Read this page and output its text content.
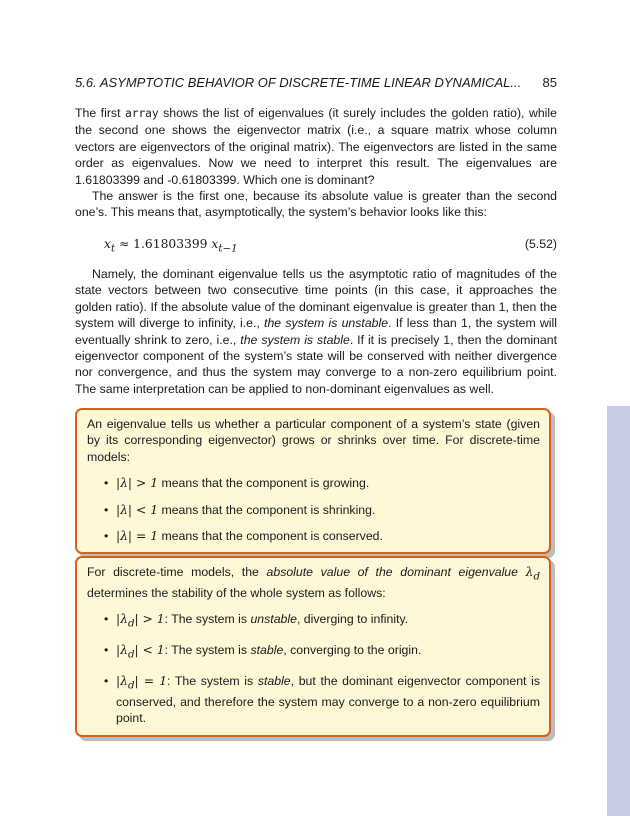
5.6. ASYMPTOTIC BEHAVIOR OF DISCRETE-TIME LINEAR DYNAMICAL... 85

The first array shows the list of eigenvalues (it surely includes the golden ratio), while the second one shows the eigenvector matrix (i.e., a square matrix whose column vectors are eigenvectors of the original matrix). The eigenvectors are listed in the same order as eigenvalues. Now we need to interpret this result. The eigenvalues are 1.61803399 and -0.61803399. Which one is dominant?

The answer is the first one, because its absolute value is greater than the second one’s. This means that, asymptotically, the system’s behavior looks like this:

$x_t \approx 1.61803399$ $x_{t-1}$	(5.52)

Namely, the dominant eigenvalue tells us the asymptotic ratio of magnitudes of the state vectors between two consecutive time points (in this case, it approaches the golden ratio). If the absolute value of the dominant eigenvalue is greater than 1, then the system will diverge to infinity, i.e., the system is unstable. If less than 1, the system will eventually shrink to zero, i.e., the system is stable. If it is precisely 1, then the dominant eigenvector component of the system’s state will be conserved with neither divergence nor convergence, and thus the system may converge to a non-zero equilibrium point. The same interpretation can be applied to non-dominant eigenvalues as well.

An eigenvalue tells us whether a particular component of a system’s state (given by its corresponding eigenvector) grows or shrinks over time. For discrete-time models:
• |λ| > 1 means that the component is growing.
• |λ| < 1 means that the component is shrinking.
• |λ| = 1 means that the component is conserved.
For discrete-time models, the absolute value of the dominant eigenvalue $\lambda_d$ determines the stability of the whole system as follows:
• $|\lambda_d| > 1$: The system is unstable, diverging to infinity.
• $|\lambda_d| < 1$: The system is stable, converging to the origin.
• $|\lambda_d| = 1$: The system is stable, but the dominant eigenvector component is conserved, and therefore the system may converge to a non-zero equilibrium point.
